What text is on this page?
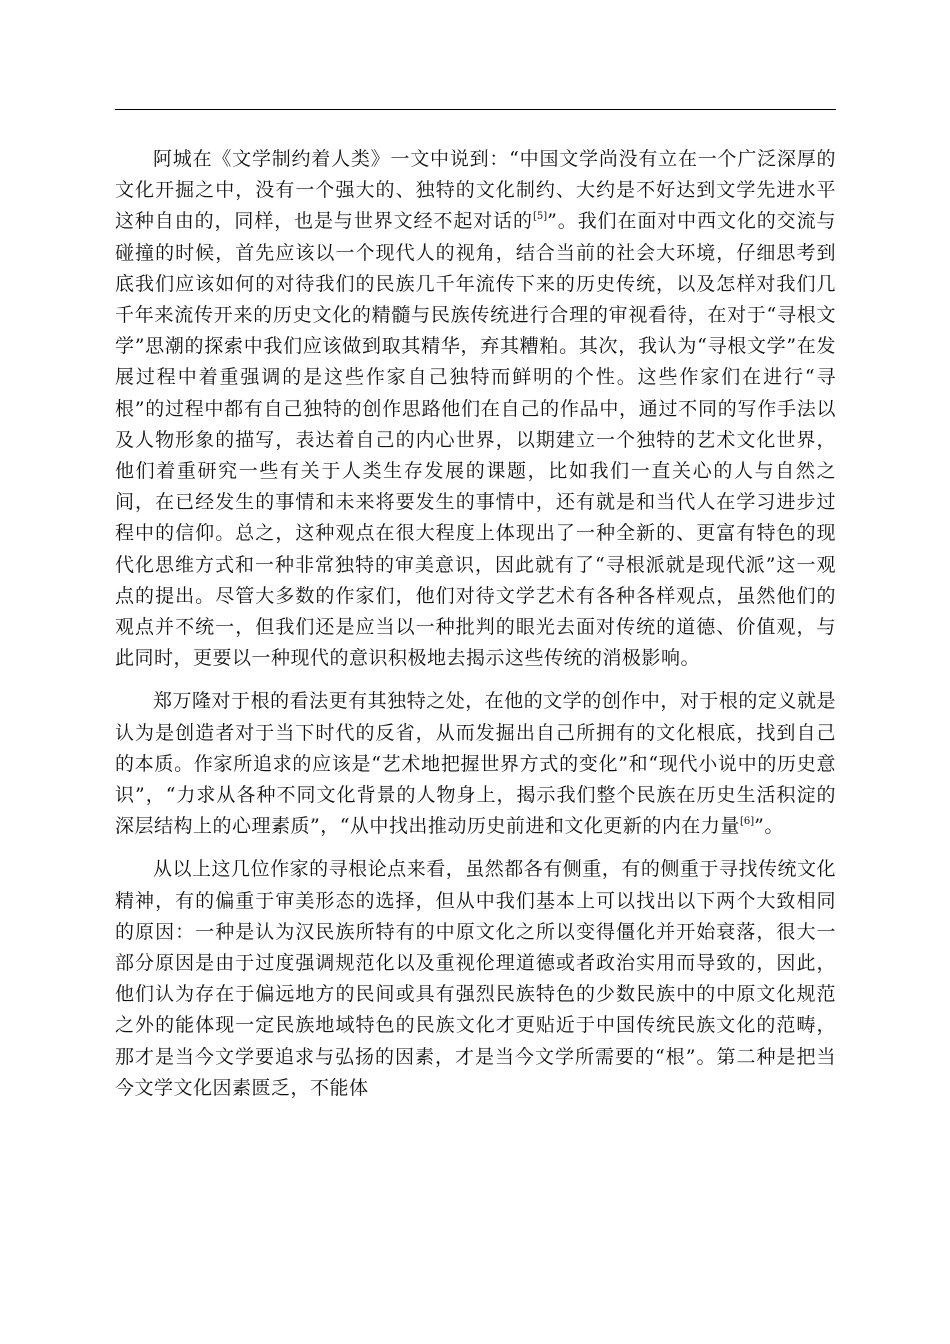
阿城在《文学制约着人类》一文中说到：“中国文学尚没有立在一个广泛深厚的文化开掘之中，没有一个强大的、独特的文化制约、大约是不好达到文学先进水平这种自由的，同样，也是与世界文经不起对话的[5]”。我们在面对中西文化的交流与碰撞的时候，首先应该以一个现代人的视角，结合当前的社会大环境，仔细思考到底我们应该如何的对待我们的民族几千年流传下来的历史传统，以及怎样对我们几千年来流传开来的历史文化的精髓与民族传统进行合理的审视看待，在对于“寻根文学”思潮的探索中我们应该做到取其精华，弃其糟粕。其次，我认为“寻根文学”在发展过程中着重强调的是这些作家自己独特而鲜明的个性。这些作家们在进行“寻根”的过程中都有自己独特的创作思路他们在自己的作品中，通过不同的写作手法以及人物形象的描写，表达着自己的内心世界，以期建立一个独特的艺术文化世界，他们着重研究一些有关于人类生存发展的课题，比如我们一直关心的人与自然之间，在已经发生的事情和未来将要发生的事情中，还有就是和当代人在学习进步过程中的信仰。总之，这种观点在很大程度上体现出了一种全新的、更富有特色的现代化思维方式和一种非常独特的审美意识，因此就有了“寻根派就是现代派”这一观点的提出。尽管大多数的作家们，他们对待文学艺术有各种各样观点，虽然他们的观点并不统一，但我们还是应当以一种批判的眼光去面对传统的道德、价值观，与此同时，更要以一种现代的意识积极地去揭示这些传统的消极影响。

郑万隆对于根的看法更有其独特之处，在他的文学的创作中，对于根的定义就是认为是创造者对于当下时代的反省，从而发掘出自己所拥有的文化根底，找到自己的本质。作家所追求的应该是“艺术地把握世界方式的变化”和“现代小说中的历史意识”，“力求从各种不同文化背景的人物身上，揭示我们整个民族在历史生活积淀的深层结构上的心理素质”，“从中找出推动历史前进和文化更新的内在力量[6]”。

从以上这几位作家的寻根论点来看，虽然都各有侧重，有的侧重于寻找传统文化精神，有的偏重于审美形态的选择，但从中我们基本上可以找出以下两个大致相同的原因：一种是认为汉民族所特有的中原文化之所以变得僵化并开始衰落，很大一部分原因是由于过度强调规范化以及重视伦理道德或者政治实用而导致的，因此，他们认为存在于偏远地方的民间或具有强烈民族特色的少数民族中的中原文化规范之外的能体现一定民族地域特色的民族文化才更贴近于中国传统民族文化的范畴，那才是当今文学要追求与弘扬的因素，才是当今文学所需要的“根”。第二种是把当今文学文化因素匮乏，不能体
